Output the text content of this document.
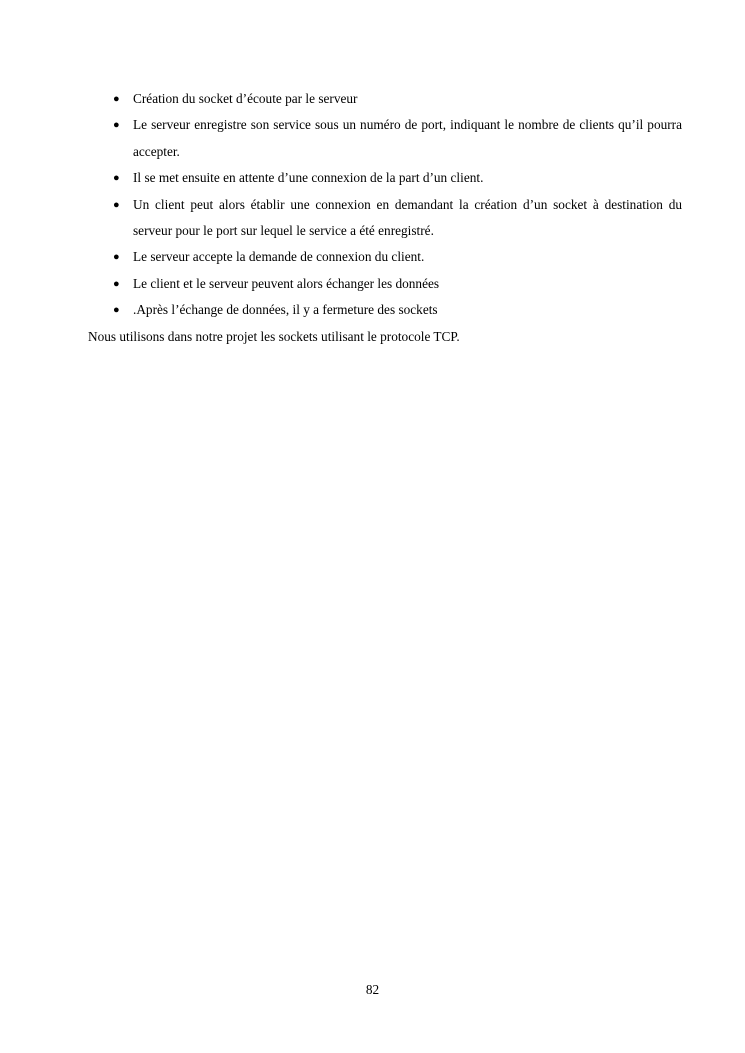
● Création du socket d’écoute par le serveur
● Le serveur enregistre son service sous un numéro de port, indiquant le nombre de clients qu’il pourra accepter.
● Il se met ensuite en attente d’une connexion de la part d’un client.
● Un client peut alors établir une connexion en demandant la création d’un socket à destination du serveur pour le port sur lequel le service a été enregistré.
● Le serveur accepte la demande de connexion du client.
● Le client et le serveur peuvent alors échanger les données
● .Après l’échange de données, il y a fermeture des sockets

Nous utilisons dans notre projet les sockets utilisant le protocole TCP.

82
